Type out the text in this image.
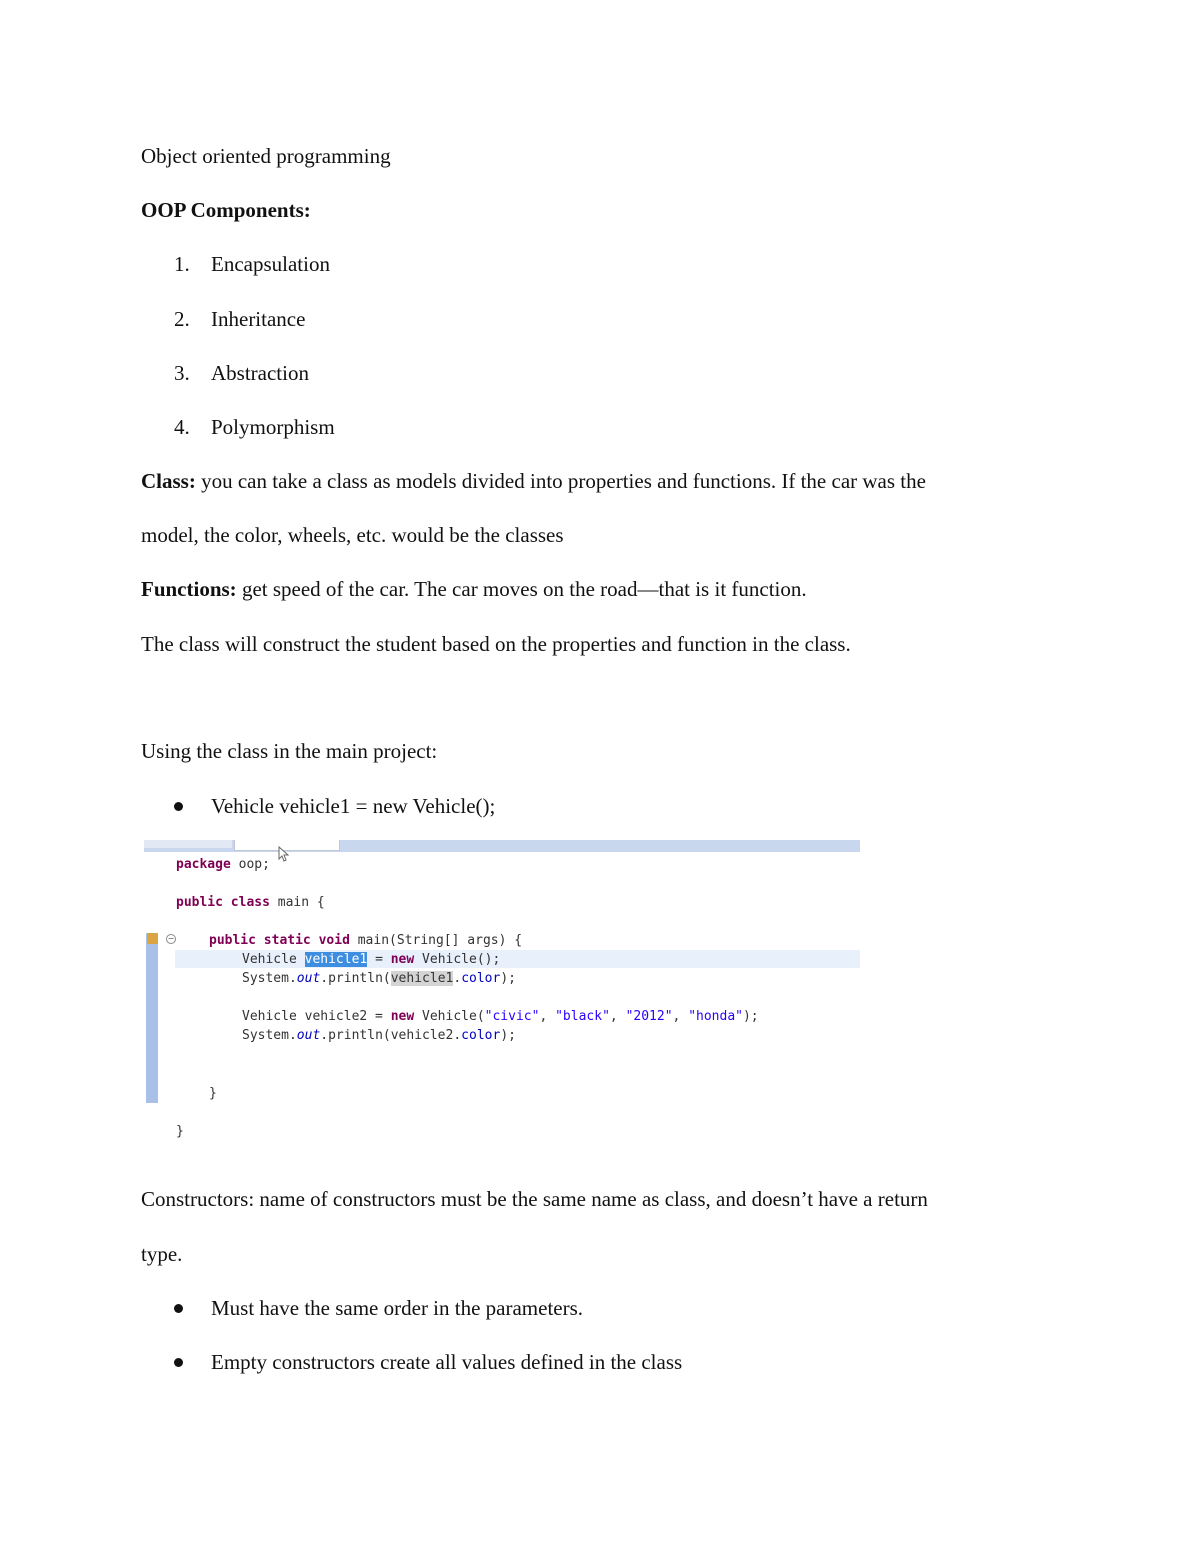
Object oriented programming
OOP Components:
1. Encapsulation
2. Inheritance
3. Abstraction
4. Polymorphism
Class: you can take a class as models divided into properties and functions. If the car was the
model, the color, wheels, etc. would be the classes
Functions: get speed of the car. The car moves on the road—that is it function.
The class will construct the student based on the properties and function in the class.
Using the class in the main project:
Vehicle vehicle1 = new Vehicle();
−
package oop;
public class main {
public static void main(String[] args) {
Vehicle vehicle1 = new Vehicle();
System.out.println(vehicle1.color);
Vehicle vehicle2 = new Vehicle("civic", "black", "2012", "honda");
System.out.println(vehicle2.color);
}
}
Constructors: name of constructors must be the same name as class, and doesn’t have a return
type.
Must have the same order in the parameters.
Empty constructors create all values defined in the class
